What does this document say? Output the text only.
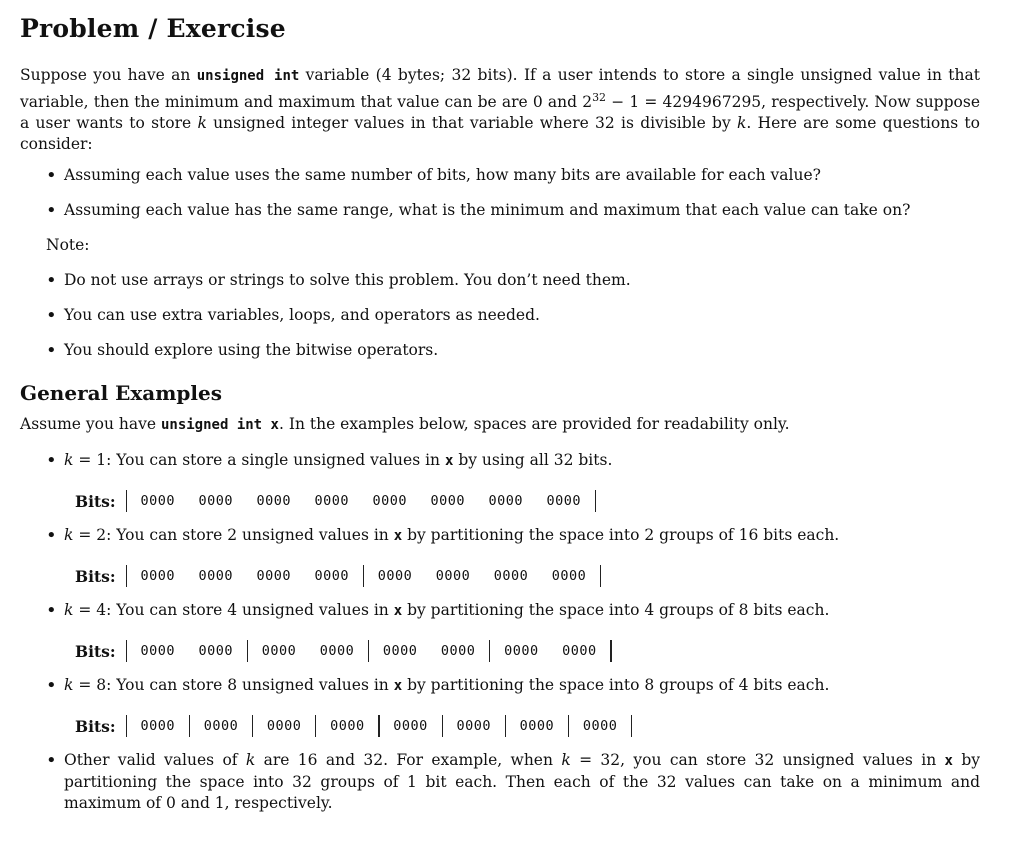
Problem / Exercise

Suppose you have an unsigned int variable (4 bytes; 32 bits). If a user intends to store a single unsigned value in that variable, then the minimum and maximum that value can be are 0 and $2^{32} - 1 = 4294967295$, respectively. Now suppose a user wants to store k unsigned integer values in that variable where 32 is divisible by k. Here are some questions to consider:

• Assuming each value uses the same number of bits, how many bits are available for each value?
• Assuming each value has the same range, what is the minimum and maximum that each value can take on?

Note:

• Do not use arrays or strings to solve this problem. You don’t need them.
• You can use extra variables, loops, and operators as needed.
• You should explore using the bitwise operators.
General Examples

Assume you have unsigned int x. In the examples below, spaces are provided for readability only.

• k = 1: You can store a single unsigned values in x by using all 32 bits.
Bits:	0000	0000	0000	0000	0000	0000	0000	0000
• k = 2: You can store 2 unsigned values in x by partitioning the space into 2 groups of 16 bits each.
Bits:	0000	0000	0000	0000	0000	0000	0000	0000
• k = 4: You can store 4 unsigned values in x by partitioning the space into 4 groups of 8 bits each.
Bits:	0000	0000	0000	0000	0000	0000	0000	0000
• k = 8: You can store 8 unsigned values in x by partitioning the space into 8 groups of 4 bits each.
Bits:	0000	0000	0000	0000	0000	0000	0000	0000
• Other valid values of k are 16 and 32. For example, when k = 32, you can store 32 unsigned values in x by partitioning the space into 32 groups of 1 bit each. Then each of the 32 values can take on a minimum and maximum of 0 and 1, respectively.
